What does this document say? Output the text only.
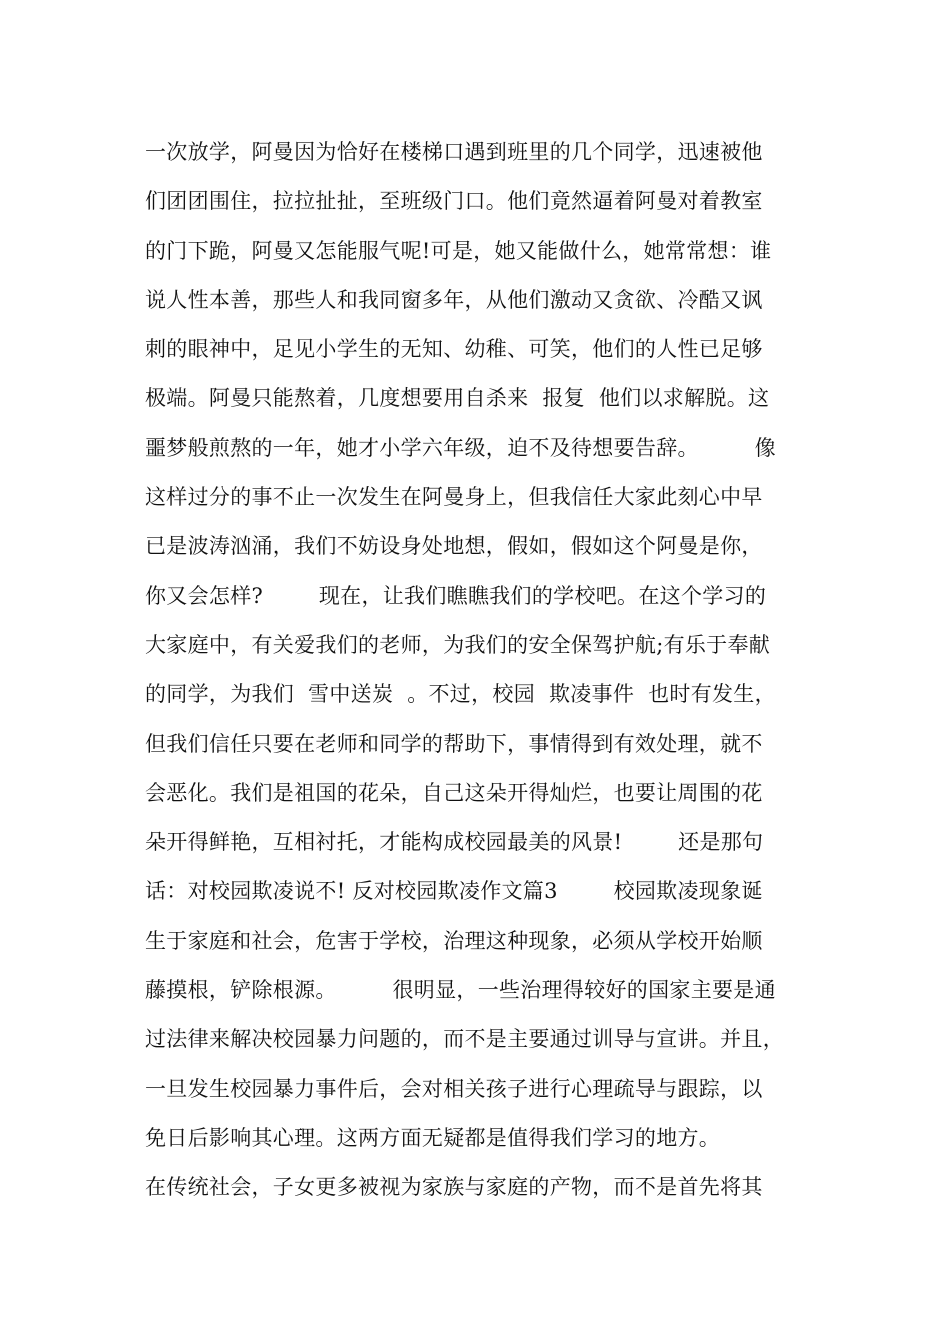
一次放学，阿曼因为恰好在楼梯口遇到班里的几个同学，迅速被他
们团团围住，拉拉扯扯，至班级门口。他们竟然逼着阿曼对着教室
的门下跪，阿曼又怎能服气呢!可是，她又能做什么，她常常想：谁
说人性本善，那些人和我同窗多年，从他们激动又贪欲、冷酷又讽
刺的眼神中，足见小学生的无知、幼稚、可笑，他们的人性已足够
极端。阿曼只能熬着，几度想要用自杀来  报复  他们以求解脱。这
噩梦般煎熬的一年，她才小学六年级，迫不及待想要告辞。        像
这样过分的事不止一次发生在阿曼身上，但我信任大家此刻心中早
已是波涛汹涌，我们不妨设身处地想，假如，假如这个阿曼是你，
你又会怎样?        现在，让我们瞧瞧我们的学校吧。在这个学习的
大家庭中，有关爱我们的老师，为我们的安全保驾护航;有乐于奉献
的同学，为我们  雪中送炭  。不过，校园  欺凌事件  也时有发生，
但我们信任只要在老师和同学的帮助下，事情得到有效处理，就不
会恶化。我们是祖国的花朵，自己这朵开得灿烂，也要让周围的花
朵开得鲜艳，互相衬托，才能构成校园最美的风景!        还是那句
话：对校园欺凌说不! 反对校园欺凌作文篇3        校园欺凌现象诞
生于家庭和社会，危害于学校，治理这种现象，必须从学校开始顺
藤摸根，铲除根源。        很明显，一些治理得较好的国家主要是通
过法律来解决校园暴力问题的，而不是主要通过训导与宣讲。并且，
一旦发生校园暴力事件后，会对相关孩子进行心理疏导与跟踪，以
免日后影响其心理。这两方面无疑都是值得我们学习的地方。
在传统社会，子女更多被视为家族与家庭的产物，而不是首先将其
